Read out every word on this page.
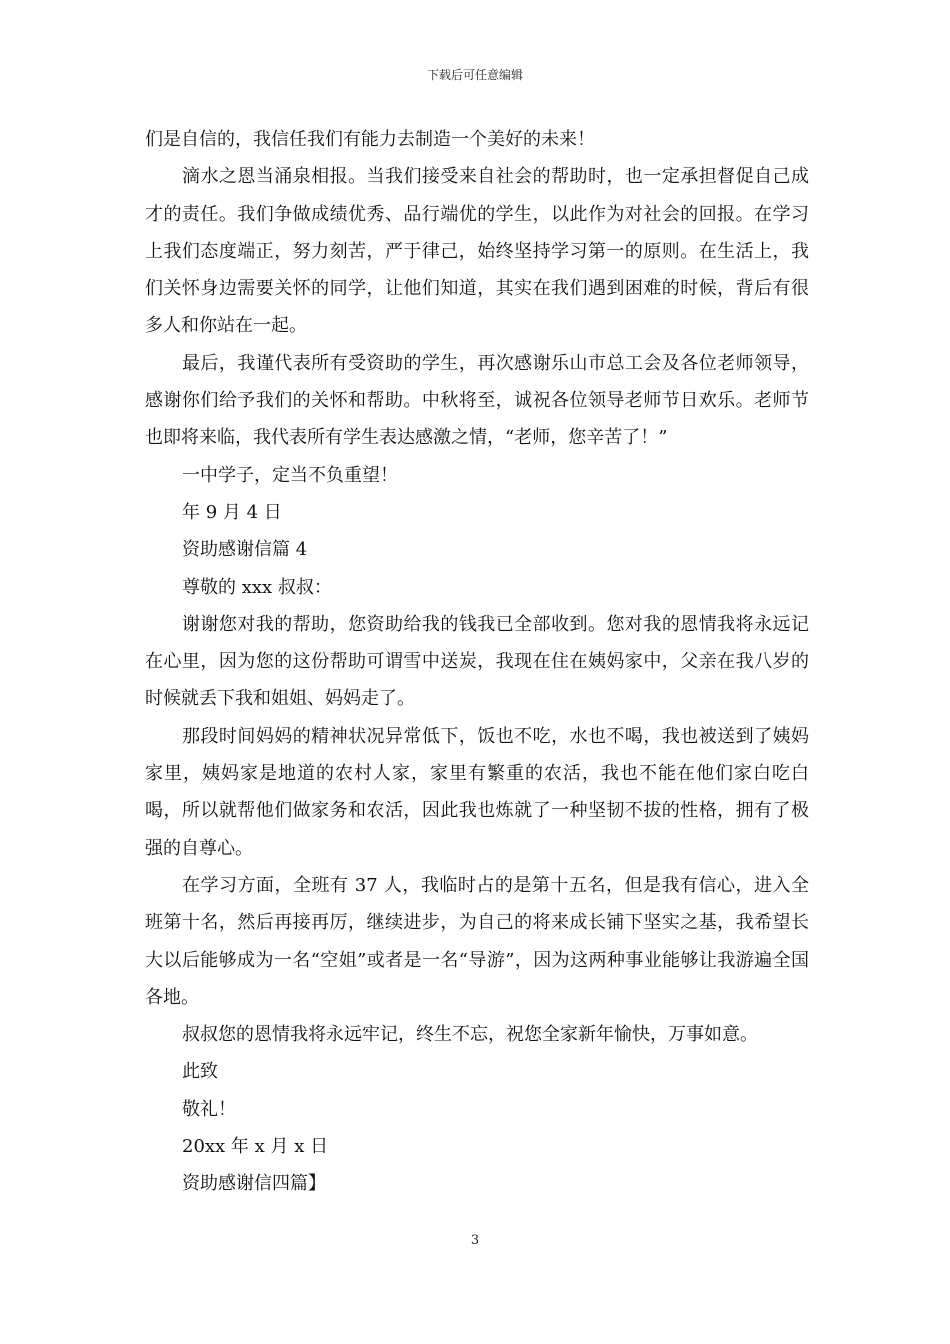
下载后可任意编辑

们是自信的，我信任我们有能力去制造一个美好的未来！

滴水之恩当涌泉相报。当我们接受来自社会的帮助时，也一定承担督促自己成才的责任。我们争做成绩优秀、品行端优的学生，以此作为对社会的回报。在学习上我们态度端正，努力刻苦，严于律己，始终坚持学习第一的原则。在生活上，我们关怀身边需要关怀的同学，让他们知道，其实在我们遇到困难的时候，背后有很多人和你站在一起。

最后，我谨代表所有受资助的学生，再次感谢乐山市总工会及各位老师领导，感谢你们给予我们的关怀和帮助。中秋将至，诚祝各位领导老师节日欢乐。老师节也即将来临，我代表所有学生表达感激之情，“老师，您辛苦了！”

一中学子，定当不负重望！

年 9 月 4 日

资助感谢信篇 4

尊敬的 xxx 叔叔：

谢谢您对我的帮助，您资助给我的钱我已全部收到。您对我的恩情我将永远记在心里，因为您的这份帮助可谓雪中送炭，我现在住在姨妈家中，父亲在我八岁的时候就丢下我和姐姐、妈妈走了。

那段时间妈妈的精神状况异常低下，饭也不吃，水也不喝，我也被送到了姨妈家里，姨妈家是地道的农村人家，家里有繁重的农活，我也不能在他们家白吃白喝，所以就帮他们做家务和农活，因此我也炼就了一种坚韧不拔的性格，拥有了极强的自尊心。

在学习方面，全班有 37 人，我临时占的是第十五名，但是我有信心，进入全班第十名，然后再接再厉，继续进步，为自己的将来成长铺下坚实之基，我希望长大以后能够成为一名“空姐”或者是一名“导游”，因为这两种事业能够让我游遍全国各地。

叔叔您的恩情我将永远牢记，终生不忘，祝您全家新年愉快，万事如意。

此致

敬礼！

20xx 年 x 月 x 日

资助感谢信四篇】

3
